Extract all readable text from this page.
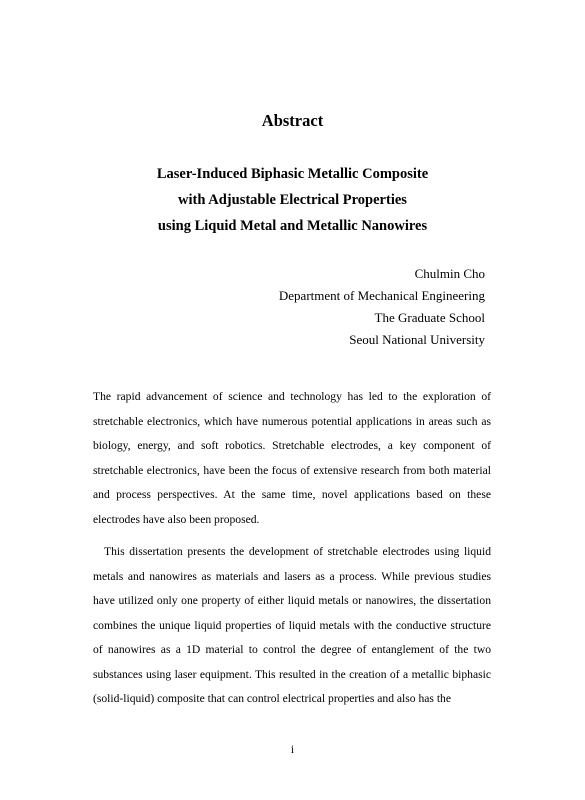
Abstract
Laser-Induced Biphasic Metallic Composite
with Adjustable Electrical Properties
using Liquid Metal and Metallic Nanowires
Chulmin Cho
Department of Mechanical Engineering
The Graduate School
Seoul National University

The rapid advancement of science and technology has led to the exploration of stretchable electronics, which have numerous potential applications in areas such as biology, energy, and soft robotics. Stretchable electrodes, a key component of stretchable electronics, have been the focus of extensive research from both material and process perspectives. At the same time, novel applications based on these electrodes have also been proposed.

This dissertation presents the development of stretchable electrodes using liquid metals and nanowires as materials and lasers as a process. While previous studies have utilized only one property of either liquid metals or nanowires, the dissertation combines the unique liquid properties of liquid metals with the conductive structure of nanowires as a 1D material to control the degree of entanglement of the two substances using laser equipment. This resulted in the creation of a metallic biphasic (solid-liquid) composite that can control electrical properties and also has the

i
